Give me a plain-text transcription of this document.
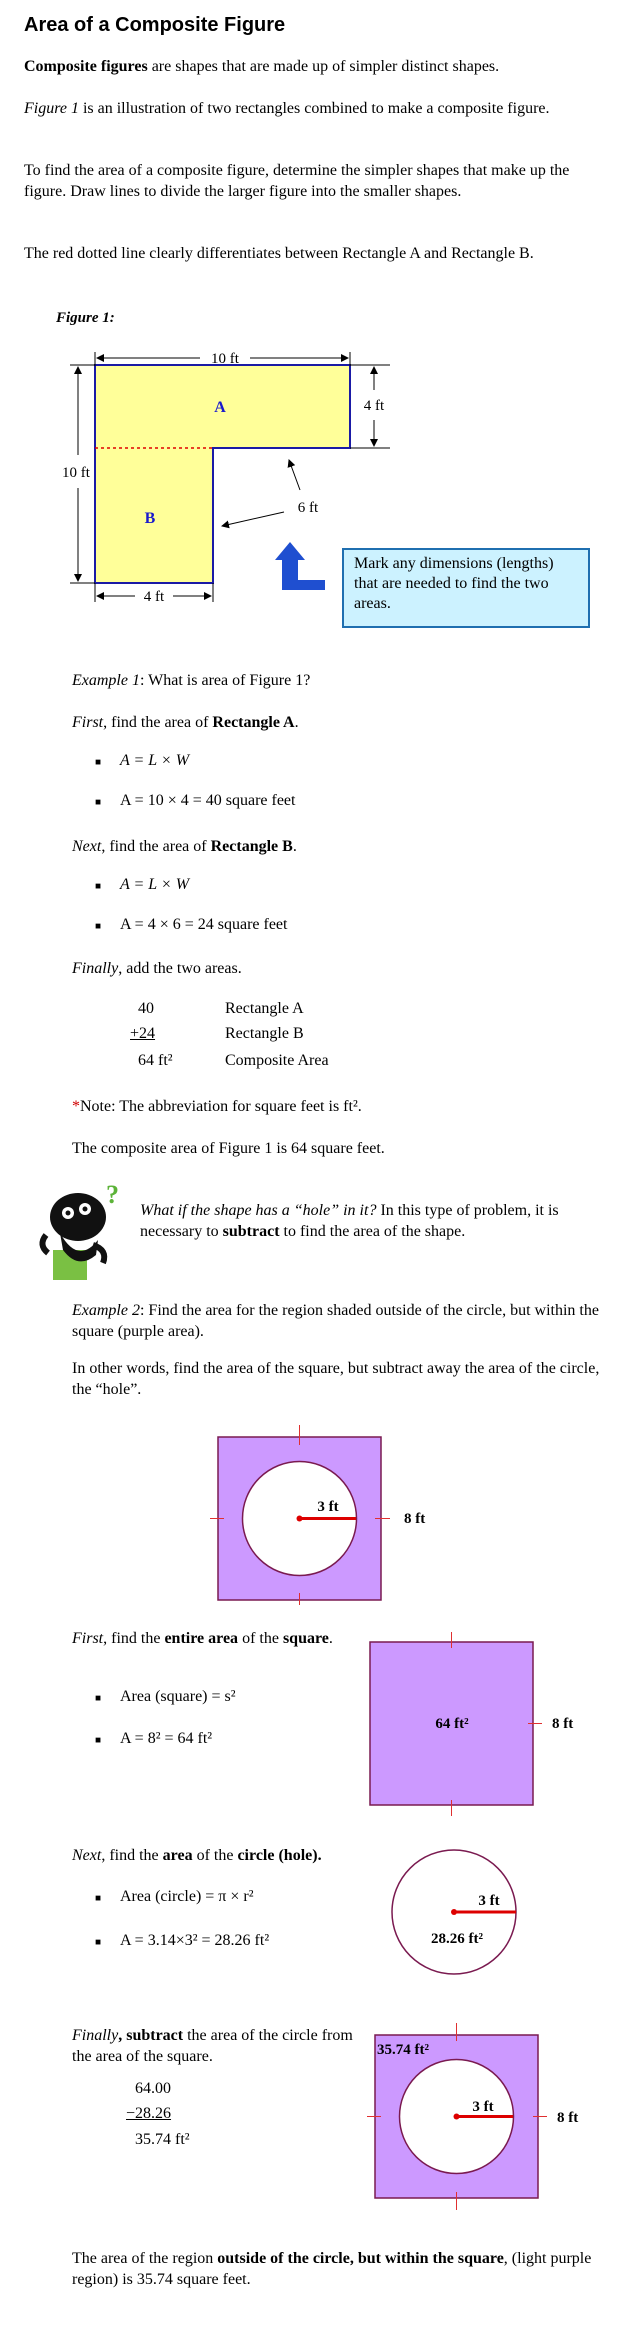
Area of a Composite Figure

Composite figures are shapes that are made up of simpler distinct shapes.

Figure 1 is an illustration of two rectangles combined to make a composite figure.

To find the area of a composite figure, determine the simpler shapes that make up the figure. Draw lines to divide the larger figure into the smaller shapes.

The red dotted line clearly differentiates between Rectangle A and Rectangle B.

Figure 1:
10 ft
4 ft
10 ft
6 ft
4 ft
A
B
Mark any dimensions (lengths) that are needed to find the two areas.

Example 1: What is area of Figure 1?

First, find the area of Rectangle A.

■ A = L × W
■ A = 10 × 4 = 40 square feet

Next, find the area of Rectangle B.

■ A = L × W
■ A = 4 × 6 = 24 square feet

Finally, add the two areas.

40	Rectangle A
+24	Rectangle B
64 ft²	Composite Area

*Note: The abbreviation for square feet is ft².

The composite area of Figure 1 is 64 square feet.

?

What if the shape has a “hole” in it? In this type of problem, it is necessary to subtract to find the area of the shape.

Example 2: Find the area for the region shaded outside of the circle, but within the square (purple area).

In other words, find the area of the square, but subtract away the area of the circle, the “hole”.

3 ft
8 ft

First, find the entire area of the square.

■ Area (square) = s²
■ A = 8² = 64 ft²
64 ft²	8 ft

Next, find the area of the circle (hole).

■ Area (circle) = π × r²
■ A = 3.14×3² = 28.26 ft²
3 ft
28.26 ft²

Finally, subtract the area of the circle from the area of the square.

64.00
−28.26
35.74 ft²
35.74 ft²
3 ft
8 ft

The area of the region outside of the circle, but within the square, (light purple region) is 35.74 square feet.
